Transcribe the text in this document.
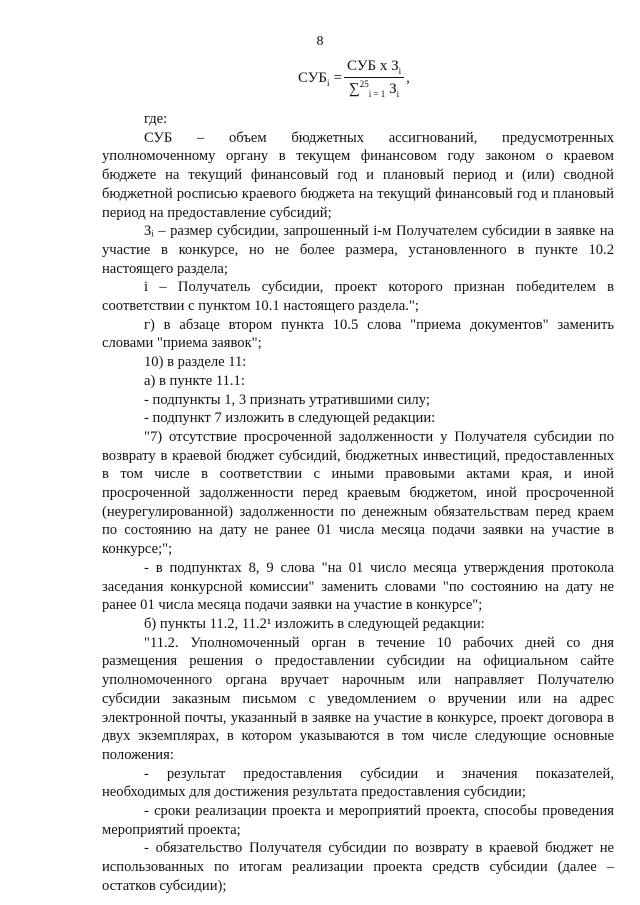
8
$СУБ_i = \frac{СУБ х З_i}{\sum^{25}_{i = 1} З_i}$ ,

где:

СУБ – объем бюджетных ассигнований, предусмотренных уполномоченному органу в текущем финансовом году законом о краевом бюджете на текущий финансовый год и плановый период и (или) сводной бюджетной росписью краевого бюджета на текущий финансовый год и плановый период на предоставление субсидий;

Зᵢ – размер субсидии, запрошенный i-м Получателем субсидии в заявке на участие в конкурсе, но не более размера, установленного в пункте 10.2 настоящего раздела;

i – Получатель субсидии, проект которого признан победителем в соответствии с пунктом 10.1 настоящего раздела.";

г) в абзаце втором пункта 10.5 слова "приема документов" заменить словами "приема заявок";

10) в разделе 11:

а) в пункте 11.1:

- подпункты 1, 3 признать утратившими силу;

- подпункт 7 изложить в следующей редакции:

"7) отсутствие просроченной задолженности у Получателя субсидии по возврату в краевой бюджет субсидий, бюджетных инвестиций, предоставленных в том числе в соответствии с иными правовыми актами края, и иной просроченной задолженности перед краевым бюджетом, иной просроченной (неурегулированной) задолженности по денежным обязательствам перед краем по состоянию на дату не ранее 01 числа месяца подачи заявки на участие в конкурсе;";

- в подпунктах 8, 9 слова "на 01 число месяца утверждения протокола заседания конкурсной комиссии" заменить словами "по состоянию на дату не ранее 01 числа месяца подачи заявки на участие в конкурсе";

б) пункты 11.2, 11.2¹ изложить в следующей редакции:

"11.2. Уполномоченный орган в течение 10 рабочих дней со дня размещения решения о предоставлении субсидии на официальном сайте уполномоченного органа вручает нарочным или направляет Получателю субсидии заказным письмом с уведомлением о вручении или на адрес электронной почты, указанный в заявке на участие в конкурсе, проект договора в двух экземплярах, в котором указываются в том числе следующие основные положения:

- результат предоставления субсидии и значения показателей, необходимых для достижения результата предоставления субсидии;

- сроки реализации проекта и мероприятий проекта, способы проведения мероприятий проекта;

- обязательство Получателя субсидии по возврату в краевой бюджет не использованных по итогам реализации проекта средств субсидии (далее – остатков субсидии);
